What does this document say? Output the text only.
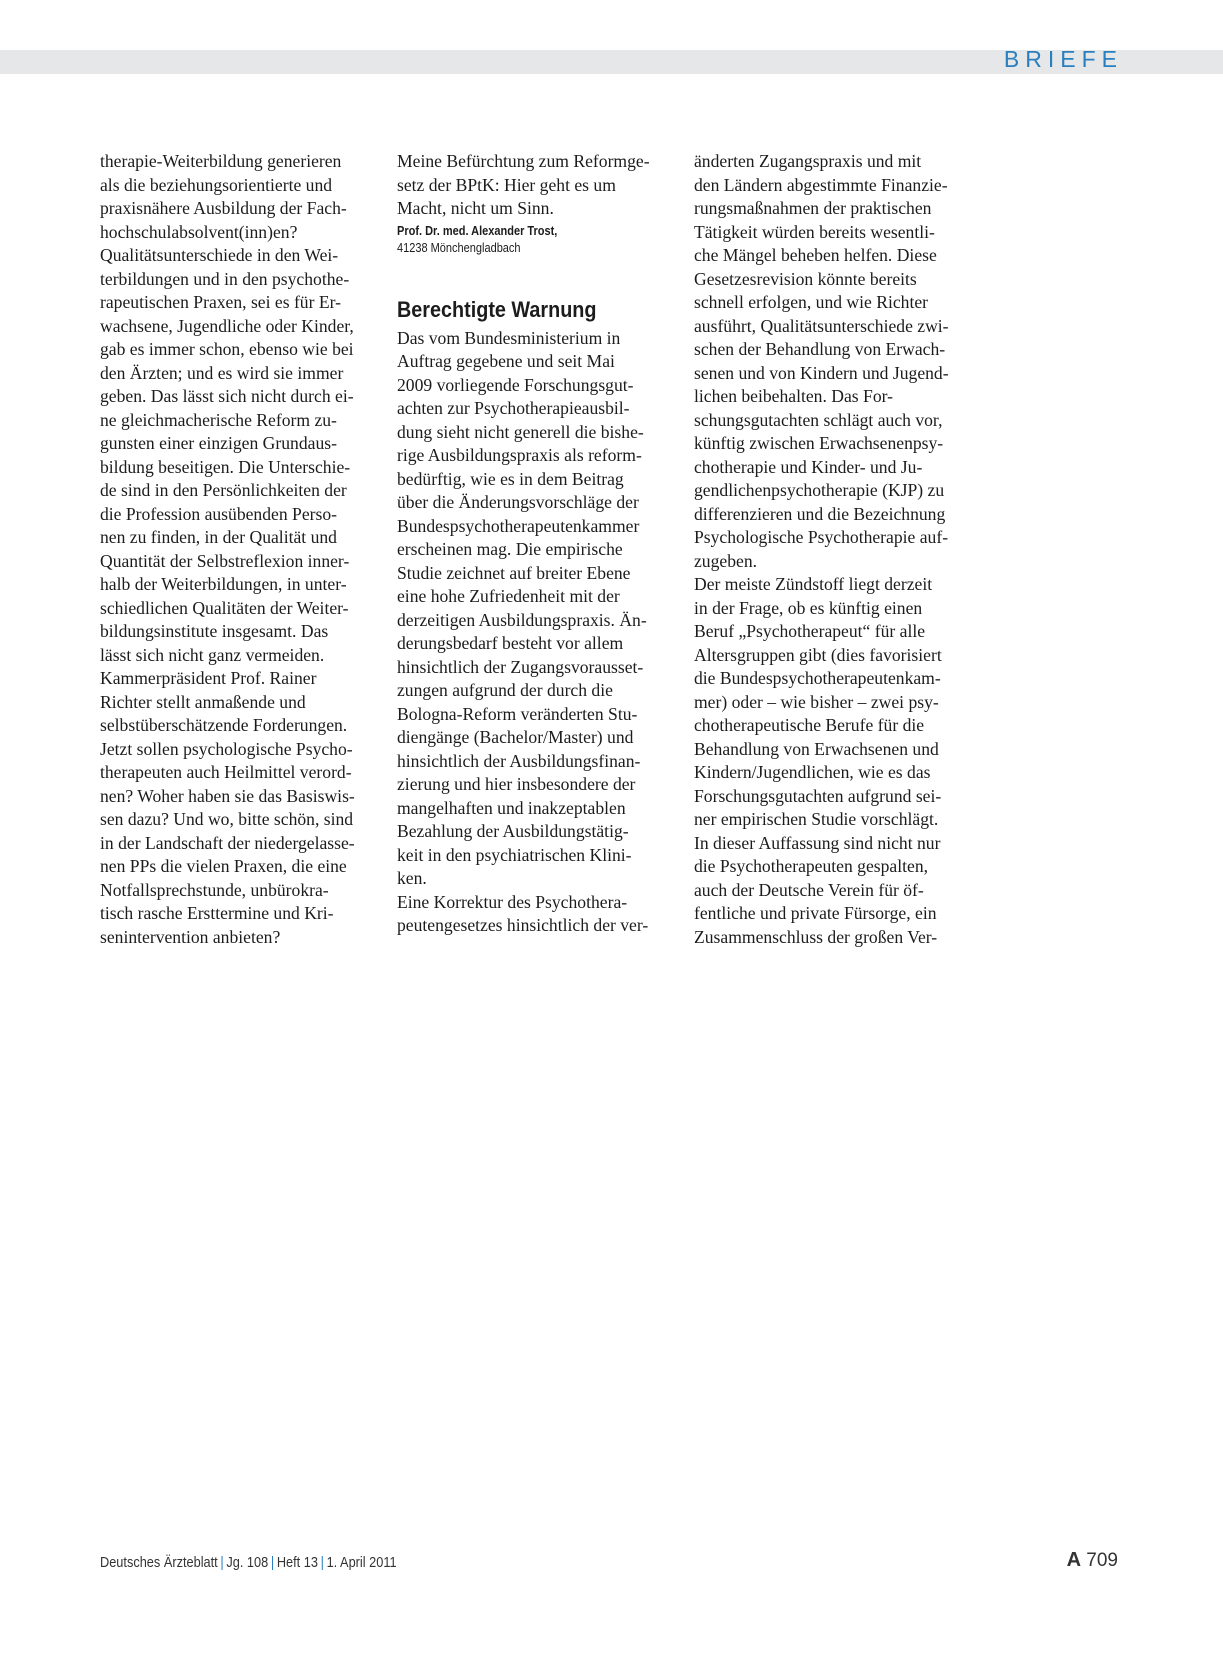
BRIEFE
therapie-Weiterbildung generieren
als die beziehungsorientierte und
praxisnähere Ausbildung der Fach-
hochschulabsolvent(inn)en?
Qualitätsunterschiede in den Wei-
terbildungen und in den psychothe-
rapeutischen Praxen, sei es für Er-
wachsene, Jugendliche oder Kinder,
gab es immer schon, ebenso wie bei
den Ärzten; und es wird sie immer
geben. Das lässt sich nicht durch ei-
ne gleichmacherische Reform zu-
gunsten einer einzigen Grundaus-
bildung beseitigen. Die Unterschie-
de sind in den Persönlichkeiten der
die Profession ausübenden Perso-
nen zu finden, in der Qualität und
Quantität der Selbstreflexion inner-
halb der Weiterbildungen, in unter-
schiedlichen Qualitäten der Weiter-
bildungsinstitute insgesamt. Das
lässt sich nicht ganz vermeiden.
Kammerpräsident Prof. Rainer
Richter stellt anmaßende und
selbstüberschätzende Forderungen.
Jetzt sollen psychologische Psycho-
therapeuten auch Heilmittel verord-
nen? Woher haben sie das Basiswis-
sen dazu? Und wo, bitte schön, sind
in der Landschaft der niedergelasse-
nen PPs die vielen Praxen, die eine
Notfallsprechstunde, unbürokra-
tisch rasche Ersttermine und Kri-
senintervention anbieten?
Meine Befürchtung zum Reformge-
setz der BPtK: Hier geht es um
Macht, nicht um Sinn.
Prof. Dr. med. Alexander Trost,
41238 Mönchengladbach
Berechtigte Warnung
Das vom Bundesministerium in
Auftrag gegebene und seit Mai
2009 vorliegende Forschungsgut-
achten zur Psychotherapieausbil-
dung sieht nicht generell die bishe-
rige Ausbildungspraxis als reform-
bedürftig, wie es in dem Beitrag
über die Änderungsvorschläge der
Bundespsychotherapeutenkammer
erscheinen mag. Die empirische
Studie zeichnet auf breiter Ebene
eine hohe Zufriedenheit mit der
derzeitigen Ausbildungspraxis. Än-
derungsbedarf besteht vor allem
hinsichtlich der Zugangsvorausset-
zungen aufgrund der durch die
Bologna-Reform veränderten Stu-
diengänge (Bachelor/Master) und
hinsichtlich der Ausbildungsfinan-
zierung und hier insbesondere der
mangelhaften und inakzeptablen
Bezahlung der Ausbildungstätig-
keit in den psychiatrischen Klini-
ken.
Eine Korrektur des Psychothera-
peutengesetzes hinsichtlich der ver-
änderten Zugangspraxis und mit
den Ländern abgestimmte Finanzie-
rungsmaßnahmen der praktischen
Tätigkeit würden bereits wesentli-
che Mängel beheben helfen. Diese
Gesetzesrevision könnte bereits
schnell erfolgen, und wie Richter
ausführt, Qualitätsunterschiede zwi-
schen der Behandlung von Erwach-
senen und von Kindern und Jugend-
lichen beibehalten. Das For-
schungsgutachten schlägt auch vor,
künftig zwischen Erwachsenenpsy-
chotherapie und Kinder- und Ju-
gendlichenpsychotherapie (KJP) zu
differenzieren und die Bezeichnung
Psychologische Psychotherapie auf-
zugeben.
Der meiste Zündstoff liegt derzeit
in der Frage, ob es künftig einen
Beruf „Psychotherapeut“ für alle
Altersgruppen gibt (dies favorisiert
die Bundespsychotherapeutenkam-
mer) oder – wie bisher – zwei psy-
chotherapeutische Berufe für die
Behandlung von Erwachsenen und
Kindern/Jugendlichen, wie es das
Forschungsgutachten aufgrund sei-
ner empirischen Studie vorschlägt.
In dieser Auffassung sind nicht nur
die Psychotherapeuten gespalten,
auch der Deutsche Verein für öf-
fentliche und private Fürsorge, ein
Zusammenschluss der großen Ver-
Deutsches Ärzteblatt | Jg. 108 | Heft 13 | 1. April 2011	A 709
